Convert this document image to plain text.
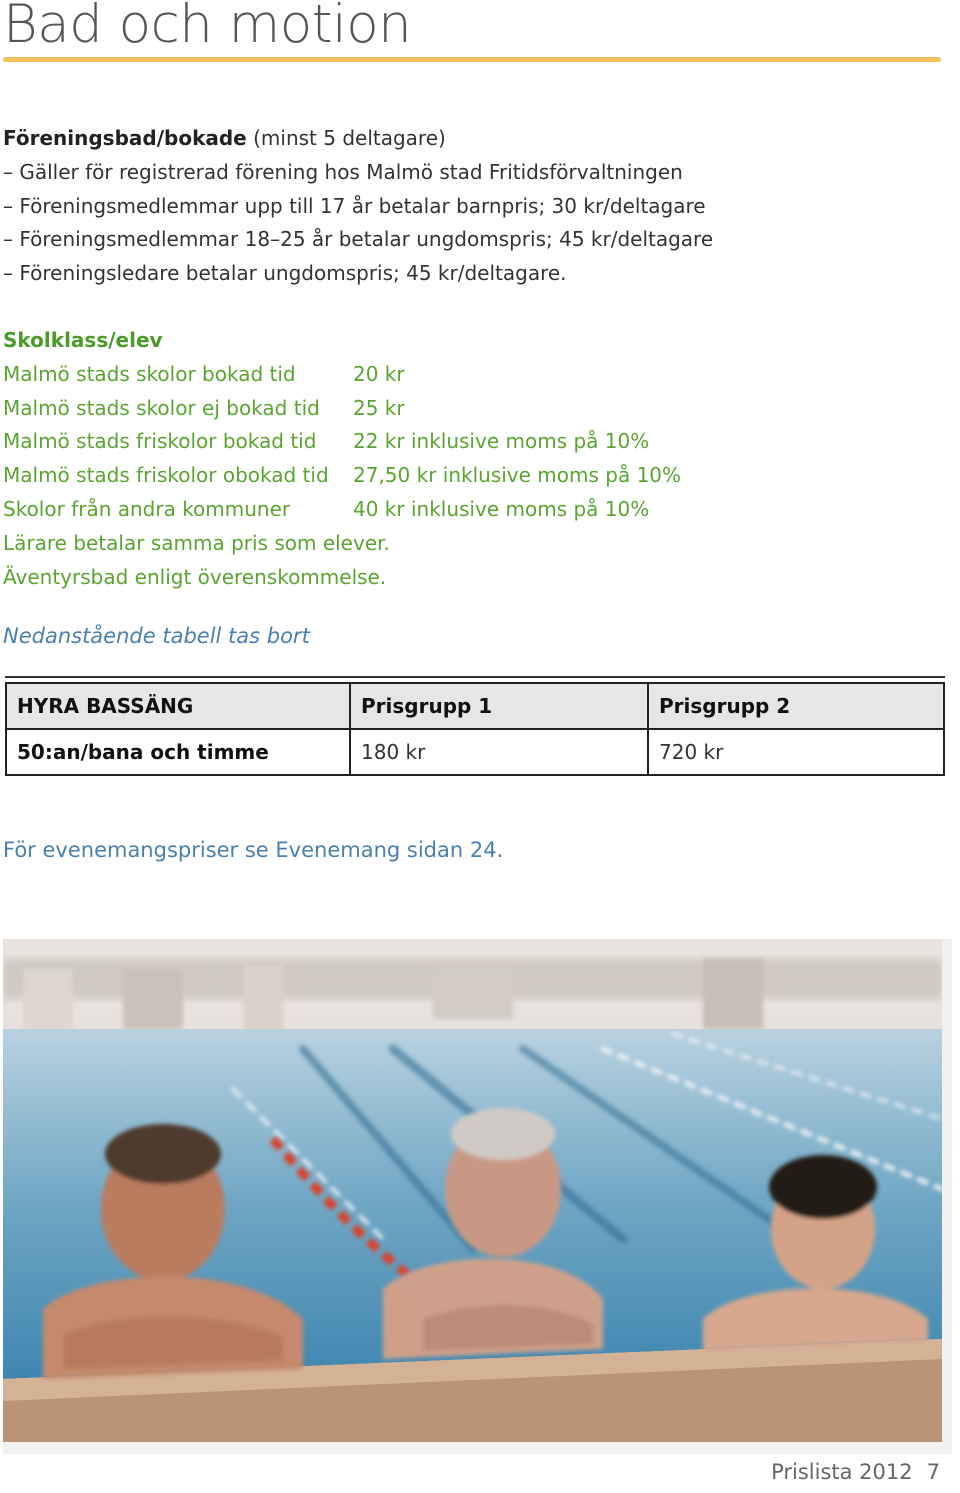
Bad och motion
Föreningsbad/bokade (minst 5 deltagare)
– Gäller för registrerad förening hos Malmö stad Fritidsförvaltningen
– Föreningsmedlemmar upp till 17 år betalar barnpris; 30 kr/deltagare
– Föreningsmedlemmar 18–25 år betalar ungdomspris; 45 kr/deltagare
– Föreningsledare betalar ungdomspris; 45 kr/deltagare.
Skolklass/elev
Malmö stads skolor bokad tid	20 kr
Malmö stads skolor ej bokad tid	25 kr
Malmö stads friskolor bokad tid	22 kr inklusive moms på 10%
Malmö stads friskolor obokad tid	27,50 kr inklusive moms på 10%
Skolor från andra kommuner	40 kr inklusive moms på 10%
Lärare betalar samma pris som elever.
Äventyrsbad enligt överenskommelse.
Nedanstående tabell tas bort
HYRA BASSÄNG	Prisgrupp 1	Prisgrupp 2
50:an/bana och timme	180 kr	720 kr
För evenemangspriser se Evenemang sidan 24.
Prislista 2012 7
